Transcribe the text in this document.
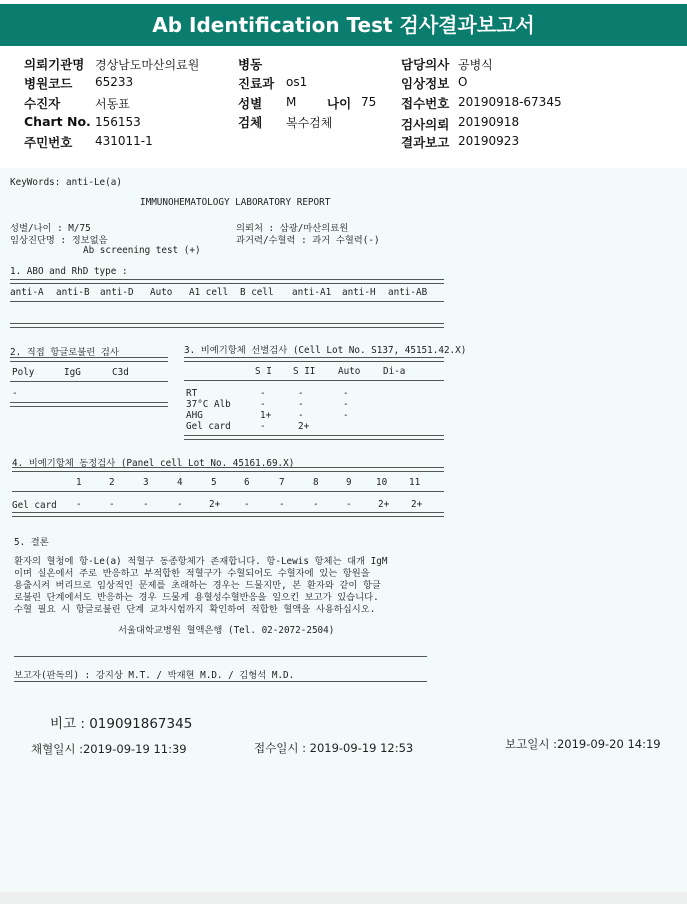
Ab Identification Test 검사결과보고서
의뢰기관명 경상남도마산의료원	병동	담당의사 공병식
병원코드 65233	진료과 os1	임상정보 O
수진자	서동표	성별 M 나이 75 접수번호 20190918-67345
Chart No. 156153	검체 복수검체	검사의뢰 20190918
주민번호 431011-1	결과보고 20190923
KeyWords: anti-Le(a)
IMMUNOHEMATOLOGY LABORATORY REPORT
성별/나이 : M/75	의뢰처 : 삼광/마산의료원
임상진단명 : 정보없음	과거력/수혈력 : 과거 수혈력(-)
Ab screening test (+)
1. ABO and RhD type :
anti-A anti-B anti-D Auto A1 cell B cell anti-A1 anti-H anti-AB
2. 직접 항글로불린 검사
Poly	IgG	C3d
-
3. 비예기항체 선별검사 (Cell Lot No. S137, 45151.42.X)
S I S II Auto Di-a
RT	-	-	-
37°C Alb	-	-	-
AHG	1+	-	-
Gel card	-	2+
4. 비예기항체 동정검사 (Panel cell Lot No. 45161.69.X)
1	2	3	4	5	6	7	8	9	10 11
Gel card -	-	-	-	2+	-	-	-	-	2+ 2+
5. 결론
환자의 혈청에 항-Le(a) 적혈구 동종항체가 존재합니다. 항-Lewis 항체는 대개 IgM
이며 실온에서 주로 반응하고 부적합한 적혈구가 수혈되어도 수혈자에 있는 항원을
용출시켜 버리므로 임상적인 문제를 초래하는 경우는 드물지만, 본 환자와 같이 항글
로불린 단계에서도 반응하는 경우 드물게 용혈성수혈반응을 일으킨 보고가 있습니다.
수혈 필요 시 항글로불린 단계 교차시험까지 확인하여 적합한 혈액을 사용하십시오.
서울대학교병원 혈액은행 (Tel. 02-2072-2504)
보고자(판독의) : 강지상 M.T. / 박재현 M.D. / 김형석 M.D.
비고 : 019091867345
채혈일시 :2019-09-19 11:39	접수일시 : 2019-09-19 12:53	보고일시 :2019-09-20 14:19
